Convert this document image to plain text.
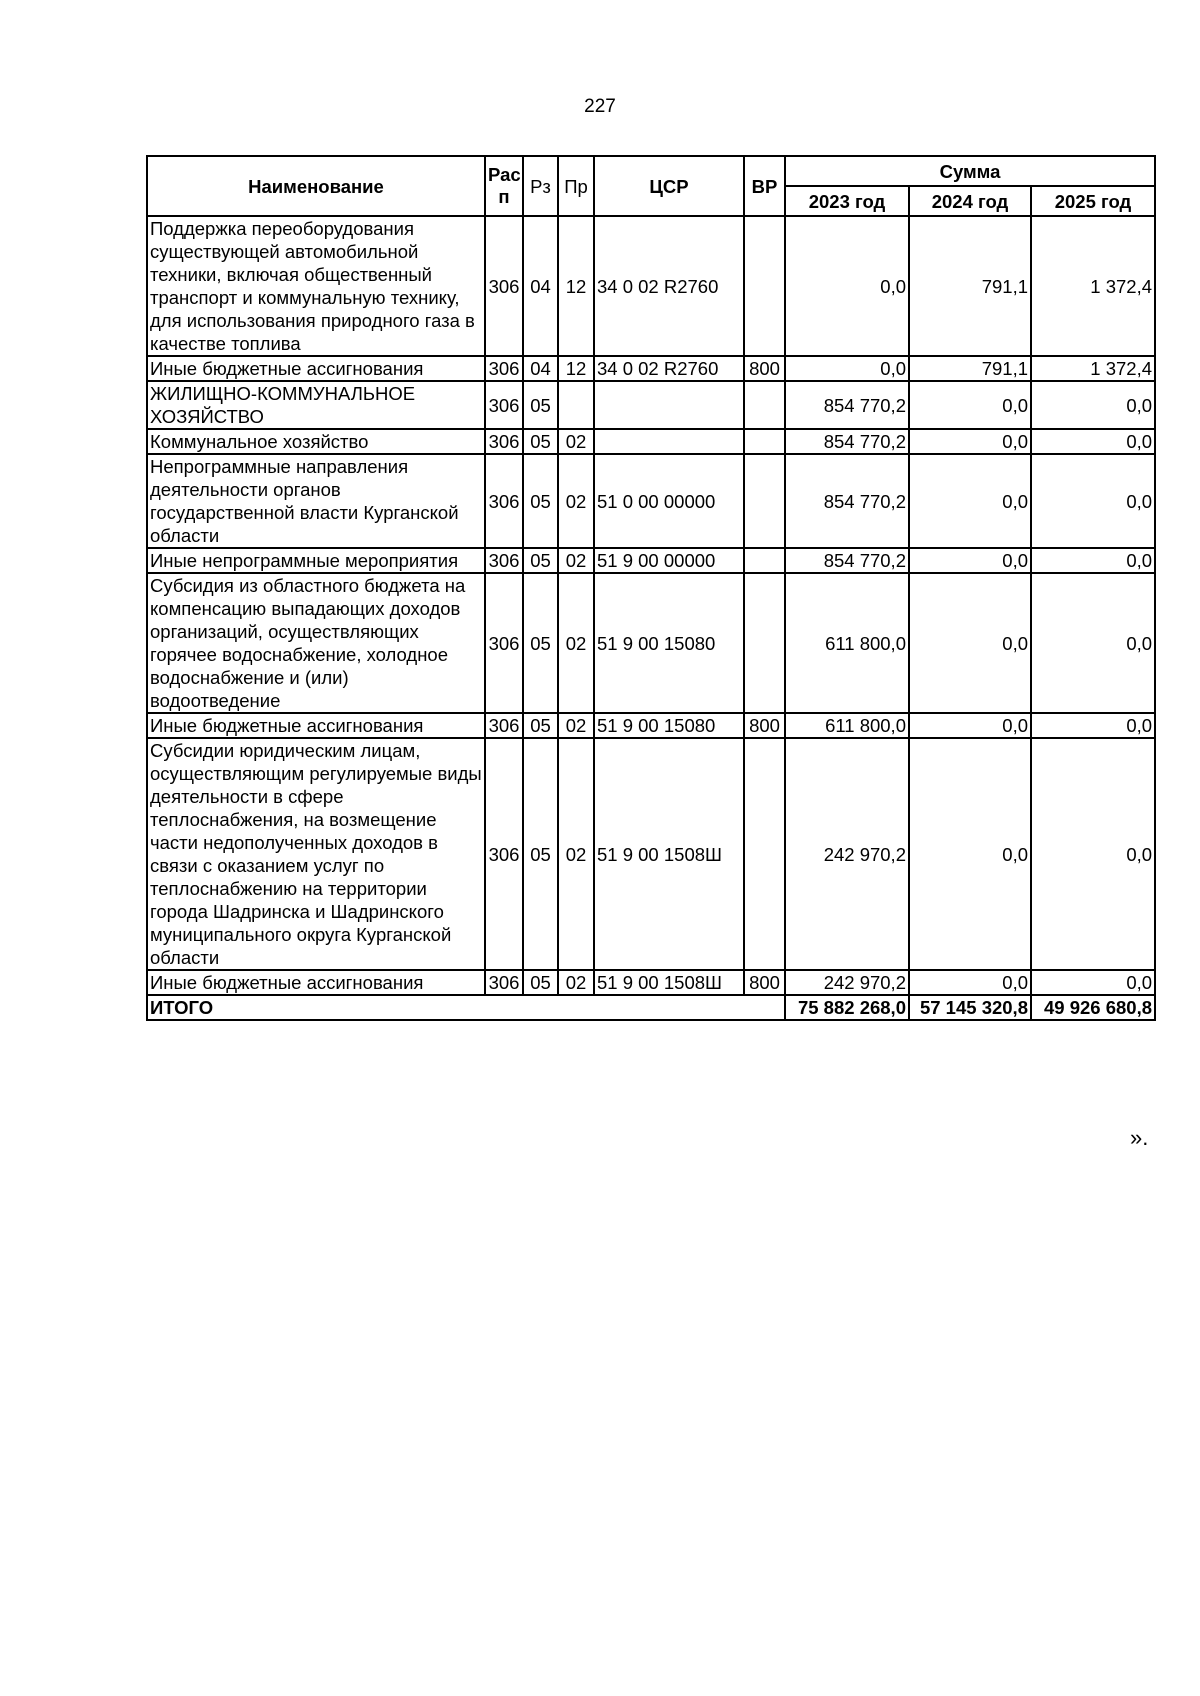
227
Наименование	Рас п	Рз	Пр	ЦСР	ВР	Сумма		
						2023 год	2024 год	2025 год
Поддержка переоборудования существующей автомобильной техники, включая общественный транспорт и коммунальную технику, для использования природного газа в качестве топлива	306	04	12	34 0 02 R2760		0,0	791,1	1 372,4
Иные бюджетные ассигнования	306	04	12	34 0 02 R2760	800	0,0	791,1	1 372,4
ЖИЛИЩНО-КОММУНАЛЬНОЕ ХОЗЯЙСТВО	306	05				854 770,2	0,0	0,0
Коммунальное хозяйство	306	05	02			854 770,2	0,0	0,0
Непрограммные направления деятельности органов государственной власти Курганской области	306	05	02	51 0 00 00000		854 770,2	0,0	0,0
Иные непрограммные мероприятия	306	05	02	51 9 00 00000		854 770,2	0,0	0,0
Субсидия из областного бюджета на компенсацию выпадающих доходов организаций, осуществляющих горячее водоснабжение, холодное водоснабжение и (или) водоотведение	306	05	02	51 9 00 15080		611 800,0	0,0	0,0
Иные бюджетные ассигнования	306	05	02	51 9 00 15080	800	611 800,0	0,0	0,0
Субсидии юридическим лицам, осуществляющим регулируемые виды деятельности в сфере теплоснабжения, на возмещение части недополученных доходов в связи с оказанием услуг по теплоснабжению на территории города Шадринска и Шадринского муниципального округа Курганской области	306	05	02	51 9 00 1508Ш		242 970,2	0,0	0,0
Иные бюджетные ассигнования	306	05	02	51 9 00 1508Ш	800	242 970,2	0,0	0,0
ИТОГО						75 882 268,0	57 145 320,8	49 926 680,8
».
